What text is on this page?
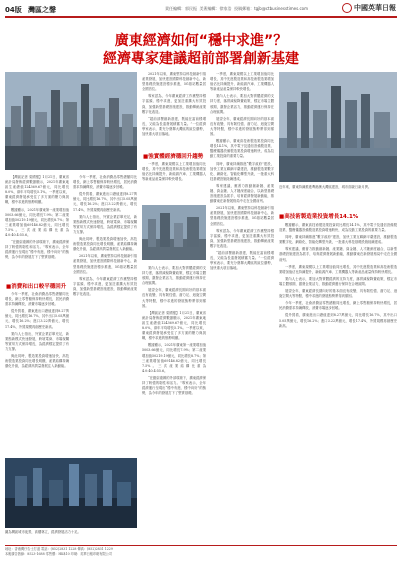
04版 灣區之聲	責任編輯：郭民振 美術編輯：徐家浩 投稿郵箱：tgjb@ctbusinesstimes.com	中國英華日報
廣東經濟如何“穩中求進”？
經濟專家建議超前部署創新基建

【灣區記者 梁國強】1月21日，廣東省統計局發佈經濟數據顯示，2021年廣東地區生產總值124369.67億元，同比增長8.0%，兩年平均增長5.1%。一季度以來，廣東經濟發展承受住了多方面的壓力與挑戰，穩中求進的態勢明顯。

數據顯示，2021年廣東第一產業增加值5003.66億元，同比增長7.9%；第二產業增加值50219.19億元，同比增長8.7%；第三產業增加值69146.82億元，同比增長7.5%。三次產業結構比重為4.0:40.4:55.6。

“在錯綜複雜的外部環境下，廣東經濟保持了較強的韌性和活力。”專家表示，全年經濟運行呈現出“穩中有進、穩中向好”的態勢，為今年的發展打下了堅實基礎。

■消費和出口較平穩回升

今年一季度，社會消費品零售總額同比增長，網上零售額保持較快增長，居民消費需求持續釋放，消費市場逐步回暖。

從外貿看，廣東進出口總值達到8.27萬億元，同比增長16.7%，其中出口5.05萬億元，增長16.2%；進口3.22萬億元，增長17.4%，外貿規模再創歷史新高。

業內人士指出，外貿企業訂單充足，新業態新模式快速發展，跨境電商、市場採購等貿易方式保持增長，為經濟穩定提供了有力支撐。

與此同時，製造業投資增速加快，高技術製造業投資同比增長明顯，產業結構持續優化升級，為經濟高質量發展注入新動能。

今年一季度，社會消費品零售總額同比增長，網上零售額保持較快增長，居民消費需求持續釋放，消費市場逐步回暖。

從外貿看，廣東進出口總值達到8.27萬億元，同比增長16.7%，其中出口5.05萬億元，增長16.2%；進口3.22萬億元，增長17.4%，外貿規模再創歷史新高。

業內人士指出，外貿企業訂單充足，新業態新模式快速發展，跨境電商、市場採購等貿易方式保持增長，為經濟穩定提供了有力支撐。

與此同時，製造業投資增速加快，高技術製造業投資同比增長明顯，產業結構持續優化升級，為經濟高質量發展注入新動能。

2021年以來，廣東堅持以科技創新引領產業發展，加快建設國際科技創新中心，新型基礎設施建設穩步推進，5G基站數量居全國首位。

專家認為，今年廣東經濟工作應堅持穩字當頭、穩中求進，更加註重擴大有效投資，加強新型基礎設施建設，推動傳統產業數字化改造。

圖為灣區城市夜景，高樓林立，經濟發展活力十足。

2021年以來，廣東堅持以科技創新引領產業發展，加快建設國際科技創新中心，新型基礎設施建設穩步推進，5G基站數量居全國首位。

專家認為，今年廣東經濟工作應堅持穩字當頭、穩中求進，更加註重擴大有效投資，加強新型基礎設施建設，推動傳統產業數字化改造。

“超前部署創新基建，既能在當前穩增長，又能為長遠發展積蓄力量。”一位經濟學家表示，要充分發揮大灣區的區位優勢，加快重大項目落地。

■強實體經濟穩回升趨勢

一季度，廣東規模以上工業增加值同比增長，其中先進製造業和高技術製造業增加值佔比持續提升，新能源汽車、工業機器人等新產品產量保持較快增長。

業內人士表示，要加大對實體經濟的支持力度，落實減稅降費政策，穩定市場主體預期，激發企業活力，推動經濟運行保持在合理區間。

展望全年，廣東經濟長期向好的基本面沒有改變，具有韌性強、潛力足、迴旋空間大等特點，穩中求進的發展態勢將得到鞏固。

【灣區記者 梁國強】1月21日，廣東省統計局發佈經濟數據顯示，2021年廣東地區生產總值124369.67億元，同比增長8.0%，兩年平均增長5.1%。一季度以來，廣東經濟發展承受住了多方面的壓力與挑戰，穩中求進的態勢明顯。

數據顯示，2021年廣東第一產業增加值5003.66億元，同比增長7.9%；第二產業增加值50219.19億元，同比增長8.7%；第三產業增加值69146.82億元，同比增長7.5%。三次產業結構比重為4.0:40.4:55.6。

“在錯綜複雜的外部環境下，廣東經濟保持了較強的韌性和活力。”專家表示，全年經濟運行呈現出“穩中有進、穩中向好”的態勢，為今年的發展打下了堅實基礎。

一季度，廣東規模以上工業增加值同比增長，其中先進製造業和高技術製造業增加值佔比持續提升，新能源汽車、工業機器人等新產品產量保持較快增長。

業內人士表示，要加大對實體經濟的支持力度，落實減稅降費政策，穩定市場主體預期，激發企業活力，推動經濟運行保持在合理區間。

展望全年，廣東經濟長期向好的基本面沒有改變，具有韌性強、潛力足、迴旋空間大等特點，穩中求進的發展態勢將得到鞏固。

數據顯示，廣東高技術製造業投資同比增長14.1%，其中電子及通信設備製造業、醫療儀器設備製造業投資增速較快，成為拉動工業投資的重要力量。

同時，廣東持續推進“數字政府”建設，加快工業互聯網平臺建設，推動製造業數字化、網絡化、智能化轉型升級，一批重大科技基礎設施陸續建成。

專家建議，應著力推動創新鏈、產業鏈、資金鏈、人才鏈深度融合，以新型基礎設施建設為抓手，培育經濟發展新動能，推動廣東在新發展格局中走在全國前列。

2021年以來，廣東堅持以科技創新引領產業發展，加快建設國際科技創新中心，新型基礎設施建設穩步推進，5G基站數量居全國首位。

專家認為，今年廣東經濟工作應堅持穩字當頭、穩中求進，更加註重擴大有效投資，加強新型基礎設施建設，推動傳統產業數字化改造。

“超前部署創新基建，既能在當前穩增長，又能為長遠發展積蓄力量。”一位經濟學家表示，要充分發揮大灣區的區位優勢，加快重大項目落地。

近年來，廣東持續推進粵港澳大灣區建設，城市面貌日新月異。
■高技術製造業投資增長14.1%

數據顯示，廣東高技術製造業投資同比增長14.1%，其中電子及通信設備製造業、醫療儀器設備製造業投資增速較快，成為拉動工業投資的重要力量。

同時，廣東持續推進“數字政府”建設，加快工業互聯網平臺建設，推動製造業數字化、網絡化、智能化轉型升級，一批重大科技基礎設施陸續建成。

專家建議，應著力推動創新鏈、產業鏈、資金鏈、人才鏈深度融合，以新型基礎設施建設為抓手，培育經濟發展新動能，推動廣東在新發展格局中走在全國前列。

一季度，廣東規模以上工業增加值同比增長，其中先進製造業和高技術製造業增加值佔比持續提升，新能源汽車、工業機器人等新產品產量保持較快增長。

業內人士表示，要加大對實體經濟的支持力度，落實減稅降費政策，穩定市場主體預期，激發企業活力，推動經濟運行保持在合理區間。

展望全年，廣東經濟長期向好的基本面沒有改變，具有韌性強、潛力足、迴旋空間大等特點，穩中求進的發展態勢將得到鞏固。

今年一季度，社會消費品零售總額同比增長，網上零售額保持較快增長，居民消費需求持續釋放，消費市場逐步回暖。

從外貿看，廣東進出口總值達到8.27萬億元，同比增長16.7%，其中出口5.05萬億元，增長16.2%；進口3.22萬億元，增長17.4%，外貿規模再創歷史新高。

地址：香港灣仔告士打道 電話：(852)2831 1228 傳真：(852)2831 1229
本報廣告熱線：8523-1688 零售價：HK$10 印刷：英華日報印刷有限公司
